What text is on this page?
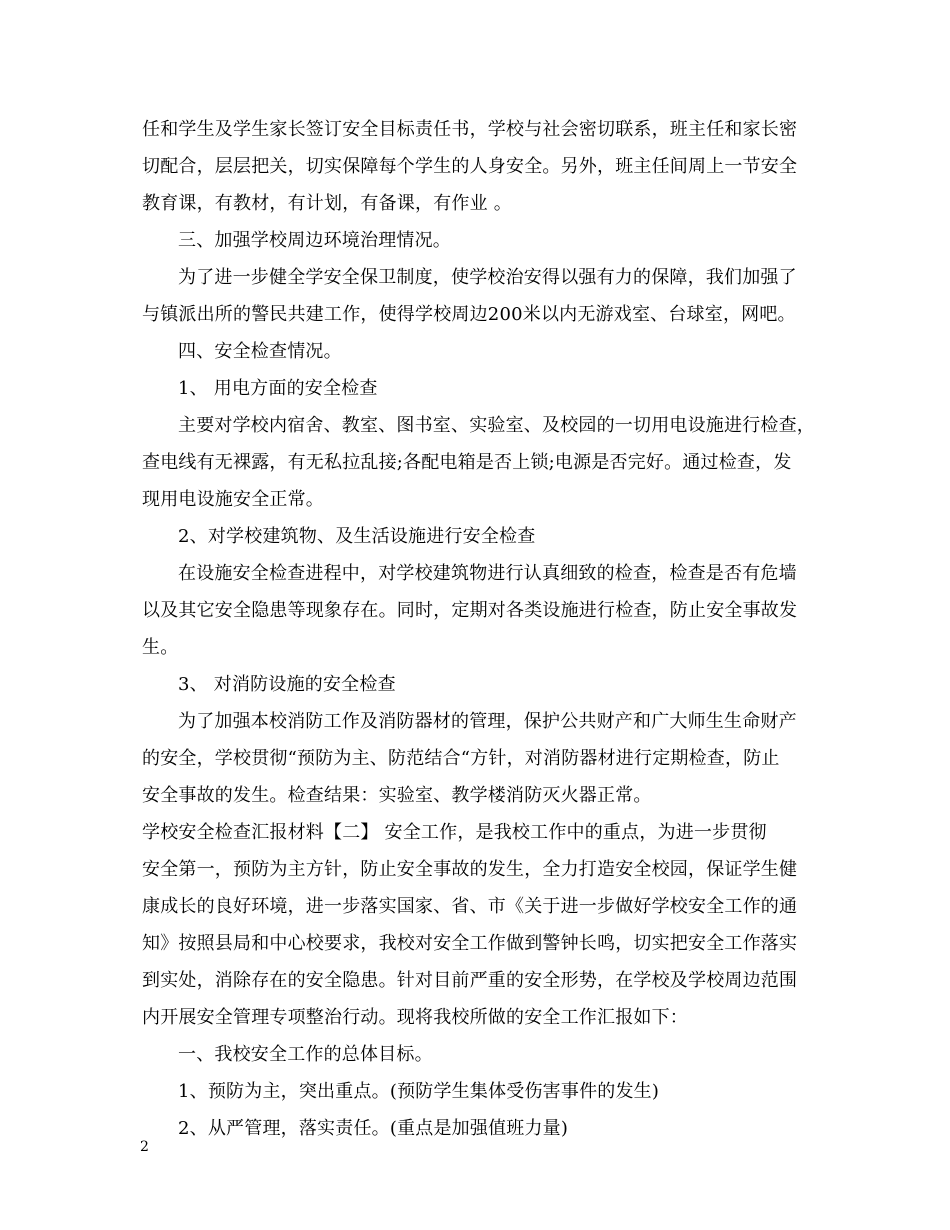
任和学生及学生家长签订安全目标责任书，学校与社会密切联系，班主任和家长密
切配合，层层把关，切实保障每个学生的人身安全。另外，班主任间周上一节安全
教育课，有教材，有计划，有备课，有作业 。
三、加强学校周边环境治理情况。
为了进一步健全学安全保卫制度，使学校治安得以强有力的保障，我们加强了
与镇派出所的警民共建工作，使得学校周边200米以内无游戏室、台球室，网吧。
四、安全检查情况。
1、 用电方面的安全检查
主要对学校内宿舍、教室、图书室、实验室、及校园的一切用电设施进行检查，
查电线有无裸露，有无私拉乱接;各配电箱是否上锁;电源是否完好。通过检查，发
现用电设施安全正常。
2、对学校建筑物、及生活设施进行安全检查
在设施安全检查进程中，对学校建筑物进行认真细致的检查，检查是否有危墙
以及其它安全隐患等现象存在。同时，定期对各类设施进行检查，防止安全事故发
生。
3、 对消防设施的安全检查
为了加强本校消防工作及消防器材的管理，保护公共财产和广大师生生命财产
的安全，学校贯彻“预防为主、防范结合“方针，对消防器材进行定期检查，防止
安全事故的发生。检查结果：实验室、教学楼消防灭火器正常。
学校安全检查汇报材料【二】 安全工作，是我校工作中的重点，为进一步贯彻
安全第一，预防为主方针，防止安全事故的发生，全力打造安全校园，保证学生健
康成长的良好环境，进一步落实国家、省、市《关于进一步做好学校安全工作的通
知》按照县局和中心校要求，我校对安全工作做到警钟长鸣，切实把安全工作落实
到实处，消除存在的安全隐患。针对目前严重的安全形势，在学校及学校周边范围
内开展安全管理专项整治行动。现将我校所做的安全工作汇报如下：
一、我校安全工作的总体目标。
1、预防为主，突出重点。(预防学生集体受伤害事件的发生)
2、从严管理，落实责任。(重点是加强值班力量)
2
